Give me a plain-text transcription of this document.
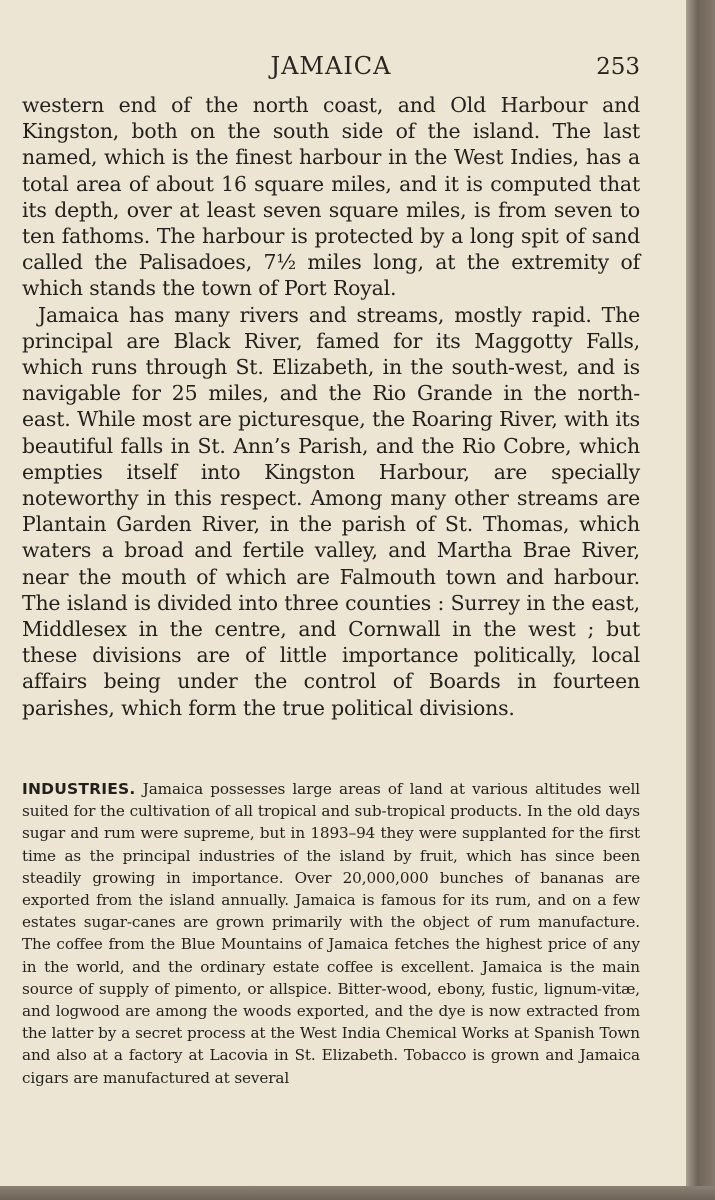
JAMAICA	253

western end of the north coast, and Old Harbour and Kingston, both on the south side of the island. The last named, which is the finest harbour in the West Indies, has a total area of about 16 square miles, and it is computed that its depth, over at least seven square miles, is from seven to ten fathoms. The harbour is protected by a long spit of sand called the Palisadoes, 7½ miles long, at the extremity of which stands the town of Port Royal.

Jamaica has many rivers and streams, mostly rapid. The principal are Black River, famed for its Maggotty Falls, which runs through St. Elizabeth, in the south-west, and is navigable for 25 miles, and the Rio Grande in the north-east. While most are picturesque, the Roaring River, with its beautiful falls in St. Ann’s Parish, and the Rio Cobre, which empties itself into Kingston Harbour, are specially noteworthy in this respect. Among many other streams are Plantain Garden River, in the parish of St. Thomas, which waters a broad and fertile valley, and Martha Brae River, near the mouth of which are Falmouth town and harbour. The island is divided into three counties : Surrey in the east, Middlesex in the centre, and Cornwall in the west ; but these divisions are of little importance politically, local affairs being under the control of Boards in fourteen parishes, which form the true political divisions.

INDUSTRIES. Jamaica possesses large areas of land at various altitudes well suited for the cultivation of all tropical and sub-tropical products. In the old days sugar and rum were supreme, but in 1893–94 they were supplanted for the first time as the principal industries of the island by fruit, which has since been steadily growing in importance. Over 20,000,000 bunches of bananas are exported from the island annually. Jamaica is famous for its rum, and on a few estates sugar-canes are grown primarily with the object of rum manufacture. The coffee from the Blue Mountains of Jamaica fetches the highest price of any in the world, and the ordinary estate coffee is excellent. Jamaica is the main source of supply of pimento, or allspice. Bitter-wood, ebony, fustic, lignum-vitæ, and logwood are among the woods exported, and the dye is now extracted from the latter by a secret process at the West India Chemical Works at Spanish Town and also at a factory at Lacovia in St. Elizabeth. Tobacco is grown and Jamaica cigars are manufactured at several
